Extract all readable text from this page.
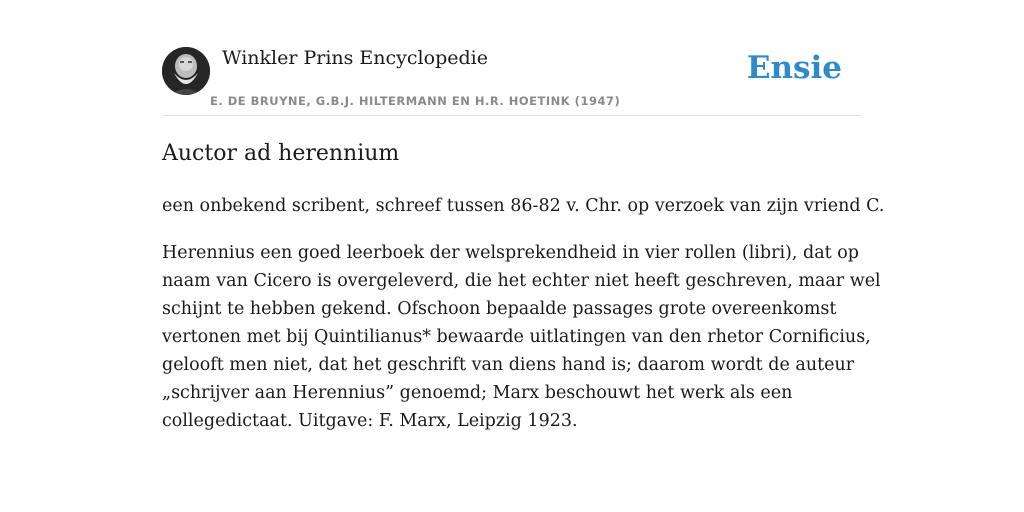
Winkler Prins Encyclopedie
E. DE BRUYNE, G.B.J. HILTERMANN EN H.R. HOETINK (1947)
Ensie
Auctor ad herennium

een onbekend scribent, schreef tussen 86-82 v. Chr. op verzoek van zijn vriend C.

Herennius een goed leerboek der welsprekendheid in vier rollen (libri), dat op
naam van Cicero is overgeleverd, die het echter niet heeft geschreven, maar wel
schijnt te hebben gekend. Ofschoon bepaalde passages grote overeenkomst
vertonen met bij Quintilianus* bewaarde uitlatingen van den rhetor Cornificius,
gelooft men niet, dat het geschrift van diens hand is; daarom wordt de auteur
„schrijver aan Herennius” genoemd; Marx beschouwt het werk als een
collegedictaat. Uitgave: F. Marx, Leipzig 1923.
